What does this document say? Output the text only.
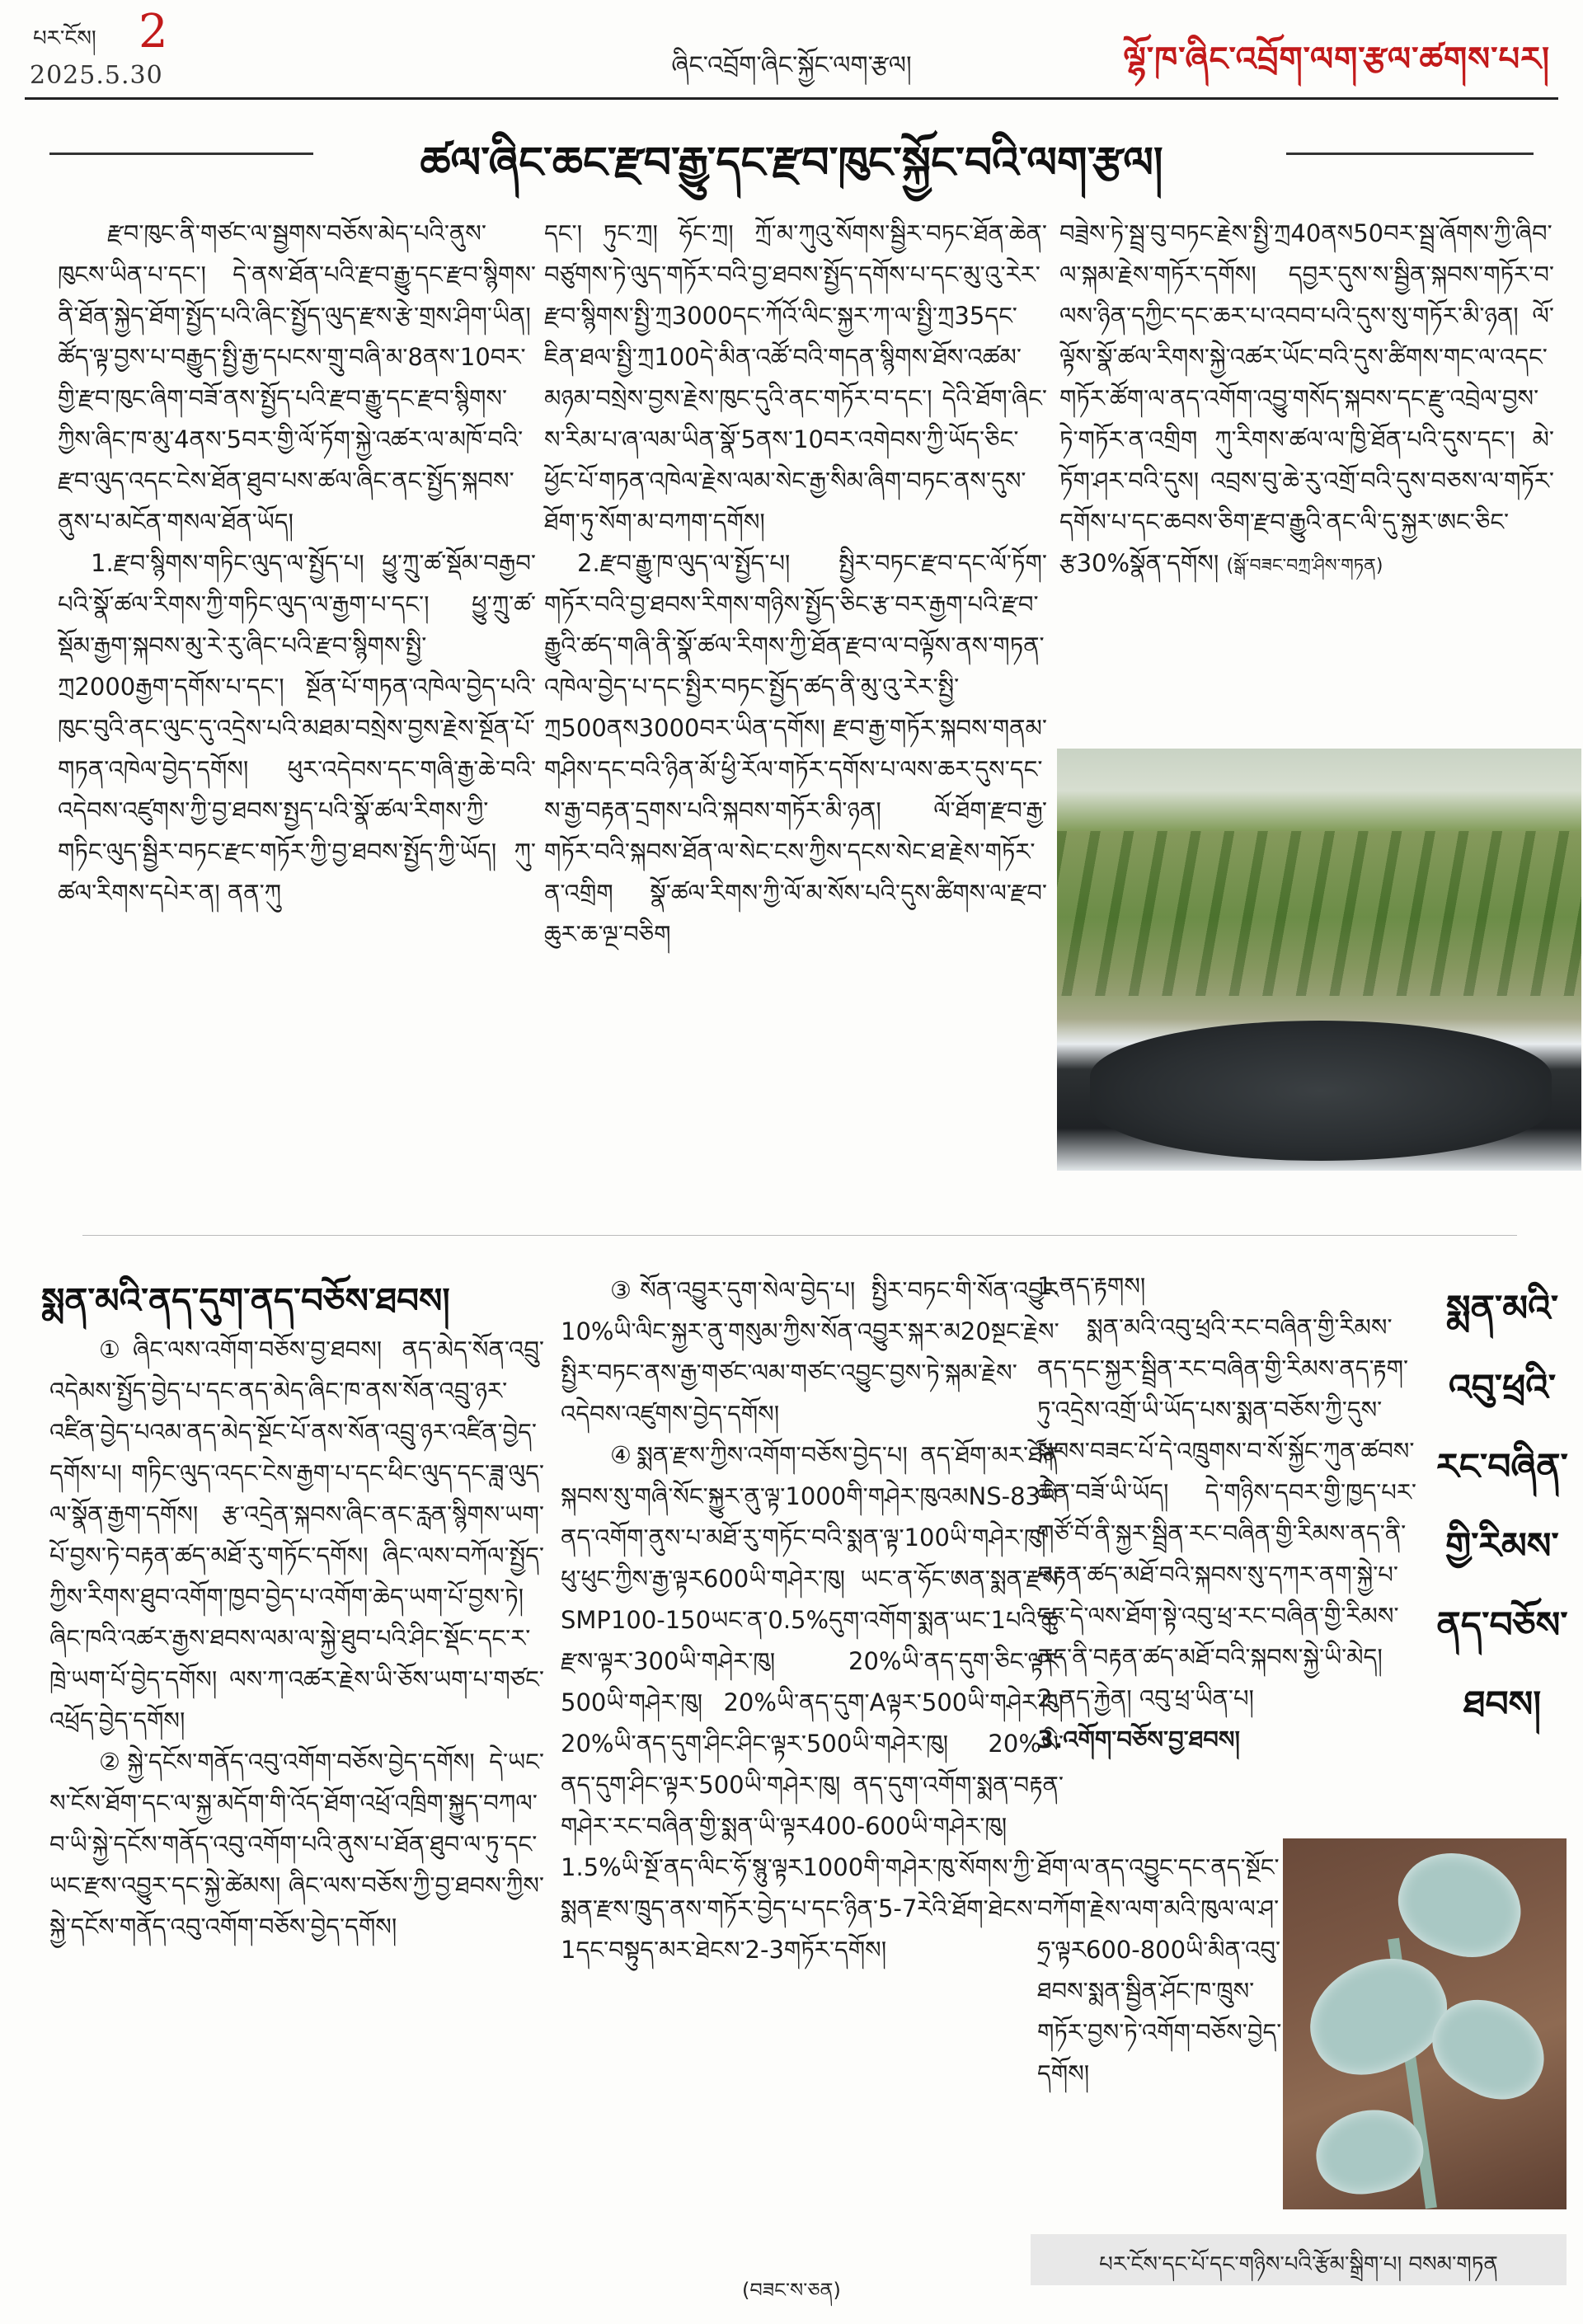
པར་ངོས། 2
2025.5.30	ཞིང་འབྲོག་ཞིང་སྐྱོང་ལག་རྩལ།	ལྷོ་ཁ་ཞིང་འབྲོག་ལག་རྩལ་ཚགས་པར།
ཚལ་ཞིང་ཆང་རྫབ་རྒྱུ་དང་རྫབ་ཁུང་སྐྱོང་བའི་ལག་རྩལ།

རྫབ་ཁུང་ནི་གཙང་ལ་སྦྱགས་བཅོས་མེད་པའི་ནུས་ཁུངས་ཡིན་པ་དང་། དེ་ནས་ཐོན་པའི་རྫབ་རྒྱུ་དང་རྫབ་སྙིགས་ནི་ཐོན་སྐྱེད་ཐོག་སྤྱོད་པའི་ཞིང་སྤྱོད་ལུད་རྫས་རྩེ་གྲས་ཤིག་ཡིན། ཚོད་ལྟ་བྱས་པ་བརྒྱུད་སྤྱི་རྒྱ་དཔངས་གྲུ་བཞི་མ་8ནས་10བར་གྱི་རྫབ་ཁུང་ཞིག་བཟོ་ནས་སྤྱོད་པའི་རྫབ་རྒྱུ་དང་རྫབ་སྙིགས་ཀྱིས་ཞིང་ཁ་མུ་4ནས་5བར་གྱི་ལོ་ཏོག་སྐྱེ་འཚར་ལ་མཁོ་བའི་རྫབ་ལུད་འདང་ངེས་ཐོན་ཐུབ་པས་ཚལ་ཞིང་ནང་སྤྱོད་སྐབས་ནུས་པ་མངོན་གསལ་ཐོན་ཡོད།

1.རྫབ་སྙིགས་གཏིང་ལུད་ལ་སྤྱོད་པ། ཕྱུ་ཀྲུ་ཚ་སྡོམ་བརྒྱབ་པའི་སྣོ་ཚལ་རིགས་ཀྱི་གཏིང་ལུད་ལ་རྒྱག་པ་དང་། ཕྱུ་ཀྲུ་ཚ་སྡོམ་རྒྱག་སྐབས་མུ་རེ་རུ་ཞིང་པའི་རྫབ་སྙིགས་སྤྱི་ཀྲ2000རྒྱག་དགོས་པ་དང་། སྔོན་པོ་གཏན་འཁེལ་བྱེད་པའི་ཁུང་བུའི་ནང་ལུང་དུ་འདྲེས་པའི་མཐམ་བསྲེས་བྱས་རྗེས་སྔོན་པོ་གཏན་འཁེལ་བྱེད་དགོས། ཕུར་འདེབས་དང་གཞི་རྒྱ་ཆེ་བའི་འདེབས་འཛུགས་ཀྱི་བྱ་ཐབས་སྤྱད་པའི་སྣོ་ཚལ་རིགས་ཀྱི་གཏིང་ལུད་སྦྱིར་བཏང་རྫང་གཏོར་ཀྱི་བྱ་ཐབས་སྤྱོད་ཀྱི་ཡོད། ཀུ་ཚལ་རིགས་དཔེར་ན། ནན་ཀུ

དང་། ཏུང་ཀྲ། ཧོང་ཀྲ། ཀྲོ་མ་ཀུའུ་སོགས་སྦྱིར་བཏང་ཐོན་ཆེན་བཙུགས་ཏེ་ལུད་གཏོར་བའི་བྱ་ཐབས་སྤྱོད་དགོས་པ་དང་མུ་འུ་རེར་རྫབ་སྙིགས་སྤྱི་ཀྲ3000དང་ཀོའོ་ལིང་སྐྱར་ཀ་ལ་སྤྱི་ཀྲ35དང་ཇིན་ཐལ་སྤྱི་ཀྲ100དེ་མིན་འཚོ་བའི་གདན་སྙིགས་ཐོས་འཚམ་མཉམ་བསྲེས་བྱས་རྗེས་ཁུང་དུའི་ནང་གཏོར་བ་དང་། དེའི་ཐོག་ཞིང་ས་རིམ་པ་ཞ་ལམ་ཡིན་སྣོ་5ནས་10བར་འགེབས་ཀྱི་ཡོད་ཅིང་ཕྱོང་པོ་གཏན་འཁེལ་རྗེས་ལམ་སེང་རྒྱ་སིམ་ཞིག་བཏང་ནས་དུས་ཐོག་ཏུ་སོག་མ་བཀག་དགོས།

2.རྫབ་རྒྱུ་ཁ་ལུད་ལ་སྤྱོད་པ། སྤྱིར་བཏང་རྫབ་དང་ལོ་ཏོག་གཏོར་བའི་བྱ་ཐབས་རིགས་གཉིས་སྤྱོད་ཅིང་རྩ་བར་རྒྱག་པའི་རྫབ་རྒྱུའི་ཚད་གཞི་ནི་སྣོ་ཚལ་རིགས་ཀྱི་ཐོན་རྫབ་ལ་བལྟོས་ནས་གཏན་འཁེལ་བྱེད་པ་དང་སྤྱིར་བཏང་སྤྱོད་ཚད་ནི་མུ་འུ་རེར་སྤྱི་ཀྲ500ནས3000བར་ཡིན་དགོས། རྫབ་རྒྱ་གཏོར་སྐབས་གནམ་གཤིས་དང་བའི་ཉིན་མོ་ཕྱི་རོལ་གཏོར་དགོས་པ་ལས་ཆར་དུས་དང་ས་རྒྱ་བརྟན་དྲགས་པའི་སྐབས་གཏོར་མི་ཉན། ལོ་ཐོག་རྫབ་རྒྱ་གཏོར་བའི་སྐབས་ཐོན་ལ་སེང་ངས་ཀྱིས་དངས་སེང་ཐ་རྗེས་གཏོར་ན་འགྲིག སྣོ་ཚལ་རིགས་ཀྱི་ལོ་མ་སོས་པའི་དུས་ཚིགས་ལ་རྫབ་ཆུར་ཆ་ལྔ་བཅིག

བཟྲེས་ཏེ་སྦྲ་བུ་བཏང་རྗེས་སྤྱི་ཀྲ40ནས50བར་སྦྲ་ཞོགས་ཀྱི་ཞིབ་ལ་སྐམ་རྗེས་གཏོར་དགོས། དབྱར་དུས་ས་སྦྱིན་སྐབས་གཏོར་བ་ལས་ཉིན་དཀྱིང་དང་ཆར་པ་འབབ་པའི་དུས་སུ་གཏོར་མི་ཉན། ལོ་ལྟོས་སྣོ་ཚལ་རིགས་སྐྱེ་འཚར་ཡོང་བའི་དུས་ཚིགས་གང་ལ་འདང་གཏོར་ཚོག་ལ་ནད་འགོག་འབྱུ་གསོད་སྐབས་དང་རྫུ་འབྲེལ་བྱས་ཏེ་གཏོར་ན་འགྲིག ཀུ་རིགས་ཚལ་ལ་ཁྱི་ཐོན་པའི་དུས་དང་། མེ་ཏོག་ཤར་བའི་དུས། འབྲས་བུ་ཆེ་རུ་འགྲོ་བའི་དུས་བཅས་ལ་གཏོར་དགོས་པ་དང་ཆབས་ཅིག་རྫབ་རྒྱུའི་ནང་ལི་དུ་སྐྱར་ཨང་ཅིང་རྩ30%སྣོན་དགོས། (སྒོ་བཟང་བཀྲ་ཤིས་གཏན)

སྨན་མའི་ནད་དུག་ནད་བཅོས་ཐབས།

①ཞིང་ལས་འགོག་བཅོས་བྱ་ཐབས། ནད་མེད་སོན་འབྲུ་འདེམས་སྤྱོད་བྱེད་པ་དང་ནད་མེད་ཞིང་ཁ་ནས་སོན་འབྲུ་ཉར་འཛིན་བྱེད་པའམ་ནད་མེད་སྔོང་པོ་ནས་སོན་འབྲུ་ཉར་འཛིན་བྱེད་དགོས་པ། གཏིང་ལུད་འདང་ངེས་རྒྱག་པ་དང་ཕིང་ལུད་དང་ཟླ་ལུད་ལ་སྣོན་རྒྱག་དགོས། རྩ་འདྲེན་སྐབས་ཞིང་ནང་རླན་སྙིགས་ཡག་པོ་བྱས་ཏེ་བརྟན་ཚད་མཐོ་རུ་གཏོང་དགོས། ཞིང་ལས་བཀོལ་སྤྱོད་ཀྱིས་རིགས་ཐུབ་འགོག་ཁྱབ་བྱེད་པ་འགོག་ཆེད་ཡག་པོ་བྱས་ཏེ། ཞིང་ཁའི་འཚར་རྒྱས་ཐབས་ལམ་ལ་སྐྱེ་ཐུབ་པའི་ཤིང་སྡོང་དང་ར་ཁྲེ་ཡག་པོ་བྱེད་དགོས། ལས་ཀ་འཚར་རྗེས་ཡི་ཅོས་ཡག་པ་གཙང་འཕྲོད་བྱེད་དགོས།

②སྐྱེ་དངོས་གནོད་འབུ་འགོག་བཅོས་བྱེད་དགོས། དེ་ཡང་ས་ངོས་ཐོག་དང་ལ་སྐྱ་མདོག་གི་འོད་ཐོག་འཕྲོ་འཁྲིག་སྐྱུད་བཀལ་བ་ཡི་སྐྱེ་དངོས་གནོད་འབུ་འགོག་པའི་ནུས་པ་ཐོན་ཐུབ་ལ་ཏུ་དང་ཡང་རྫས་འབྱུར་དང་སྐྱེ་ཚེམས། ཞིང་ལས་བཅོས་ཀྱི་བྱ་ཐབས་ཀྱིས་སྐྱེ་དངོས་གནོད་འབུ་འགོག་བཅོས་བྱེད་དགོས།

③སོན་འབྱུར་དུག་སེལ་བྱེད་པ། སྤྱིར་བཏང་གི་སོན་འབྱུར་10%ཡི་ལིང་སྐྱར་ནུ་གསུམ་ཀྱིས་སོན་འབྱུར་སྐར་མ20སྔང་རྗེས་སྤྱིར་བཏང་ནས་རྒྱ་གཙང་ལམ་གཙང་འབྱུང་བྱས་ཏེ་སྐམ་རྗེས་འདེབས་འཛུགས་བྱེད་དགོས།

④སྨན་རྫས་ཀྱིས་འགོག་བཅོས་བྱེད་པ། ནད་ཐོག་མར་ཐོན་སྐབས་སུ་གཞི་སོང་སྐྱུར་ནུ་ལྟ་1000གི་གཤེར་ཁུའམNS-83ཡི་ནད་འགོག་ནུས་པ་མཐོ་རུ་གཏོང་བའི་སྨན་ལྟ་100ཡི་གཤེར་ཁུ། ཕུ་ཕུང་ཀྱིས་རྒྱ་ལྟར600ཡི་གཤེར་ཁུ། ཡང་ན་ཧོང་ཨན་སྨན་རྫས་SMP100-150ཡང་ན་0.5%དུག་འགོག་སྨན་ཡང་1པའི་ཆུ་རྫས་ལྟར་300ཡི་གཤེར་ཁུ། 20%ཡི་ནད་དུག་ཅིང་ལྟར་500ཡི་གཤེར་ཁུ། 20%ཡི་ནད་དུག་Aལྟར་500ཡི་གཤེར་ཁུ། 20%ཡི་ནད་དུག་ཤིང་ཤིང་ལྟར་500ཡི་གཤེར་ཁུ། 20%ཡི་ནད་དུག་ཤིང་ལྟར་500ཡི་གཤེར་ཁུ། ནད་དུག་འགོག་སྨན་བརྟན་གཤེར་རང་བཞིན་གྱི་སྨན་ཡི་ལྟར400-600ཡི་གཤེར་ཁུ། 1.5%ཡི་སྔོ་ནད་ལིང་ཧོ་སྙུ་ལྟར1000གི་གཤེར་ཁུ་སོགས་ཀྱི་སྨན་རྫས་ཁྲུད་ནས་གཏོར་བྱེད་པ་དང་ཉིན་5-7རེའི་ཐོག་ཐེངས་1དང་བསྟུད་མར་ཐེངས་2-3གཏོར་དགོས།

(བཟང་ས་ཅན)

1.ནད་རྟགས།

སྨན་མའི་འབུ་ཕྲའི་རང་བཞིན་གྱི་རིམས་ནད་དང་སྐྱར་སྦྲིན་རང་བཞིན་གྱི་རིམས་ནད་རྟག་ཏུ་འདྲེས་འགྲོ་ཡི་ཡོད་པས་སྨན་བཅོས་ཀྱི་དུས་སྐབས་བཟང་པོ་དེ་འཁྲུགས་བ་སོ་སྐྱོང་ཀུན་ཚབས་ཆེན་བཟོ་ཡི་ཡོད། དེ་གཉིས་དབར་གྱི་ཁྱད་པར་གཙོ་བོ་ནི་སྐྱར་སྦྲིན་རང་བཞིན་གྱི་རིམས་ནད་ནི་བརྟན་ཚད་མཐོ་བའི་སྐབས་སུ་དཀར་ནག་སྐྱེ་པ་དང་དེ་ལས་ཐོག་སྟེ་འབུ་ཕྲ་རང་བཞིན་གྱི་རིམས་ནད་ནི་བརྟན་ཚད་མཐོ་བའི་སྐབས་སྐྱེ་ཡི་མེད།

2.ནད་རྐྱེན། འབུ་ཕྲ་ཡིན་པ།

3.འགོག་བཅོས་བྱ་ཐབས།

སྨན་མའི་འབུ་ཕྲའི་རང་བཞིན་གྱི་རིམས་ནད་བཅོས་ཐབས།

ཐོག་ལ་ནད་འབྱུང་དང་ནད་སྔོང་བཀོག་རྗེས་ལག་མའི་ཁུལ་ལ་ཤ་ཧྲ་ལྟར600-800ཡི་མིན་འབུ་ཐབས་སྨན་སྦྱིན་ཤོང་ཁ་ཁྲུས་གཏོར་བྱས་ཏེ་འགོག་བཅོས་བྱེད་དགོས།

པར་ངོས་དང་པོ་དང་གཉིས་པའི་རྩོམ་སྒྲིག་པ། བསམ་གཏན
